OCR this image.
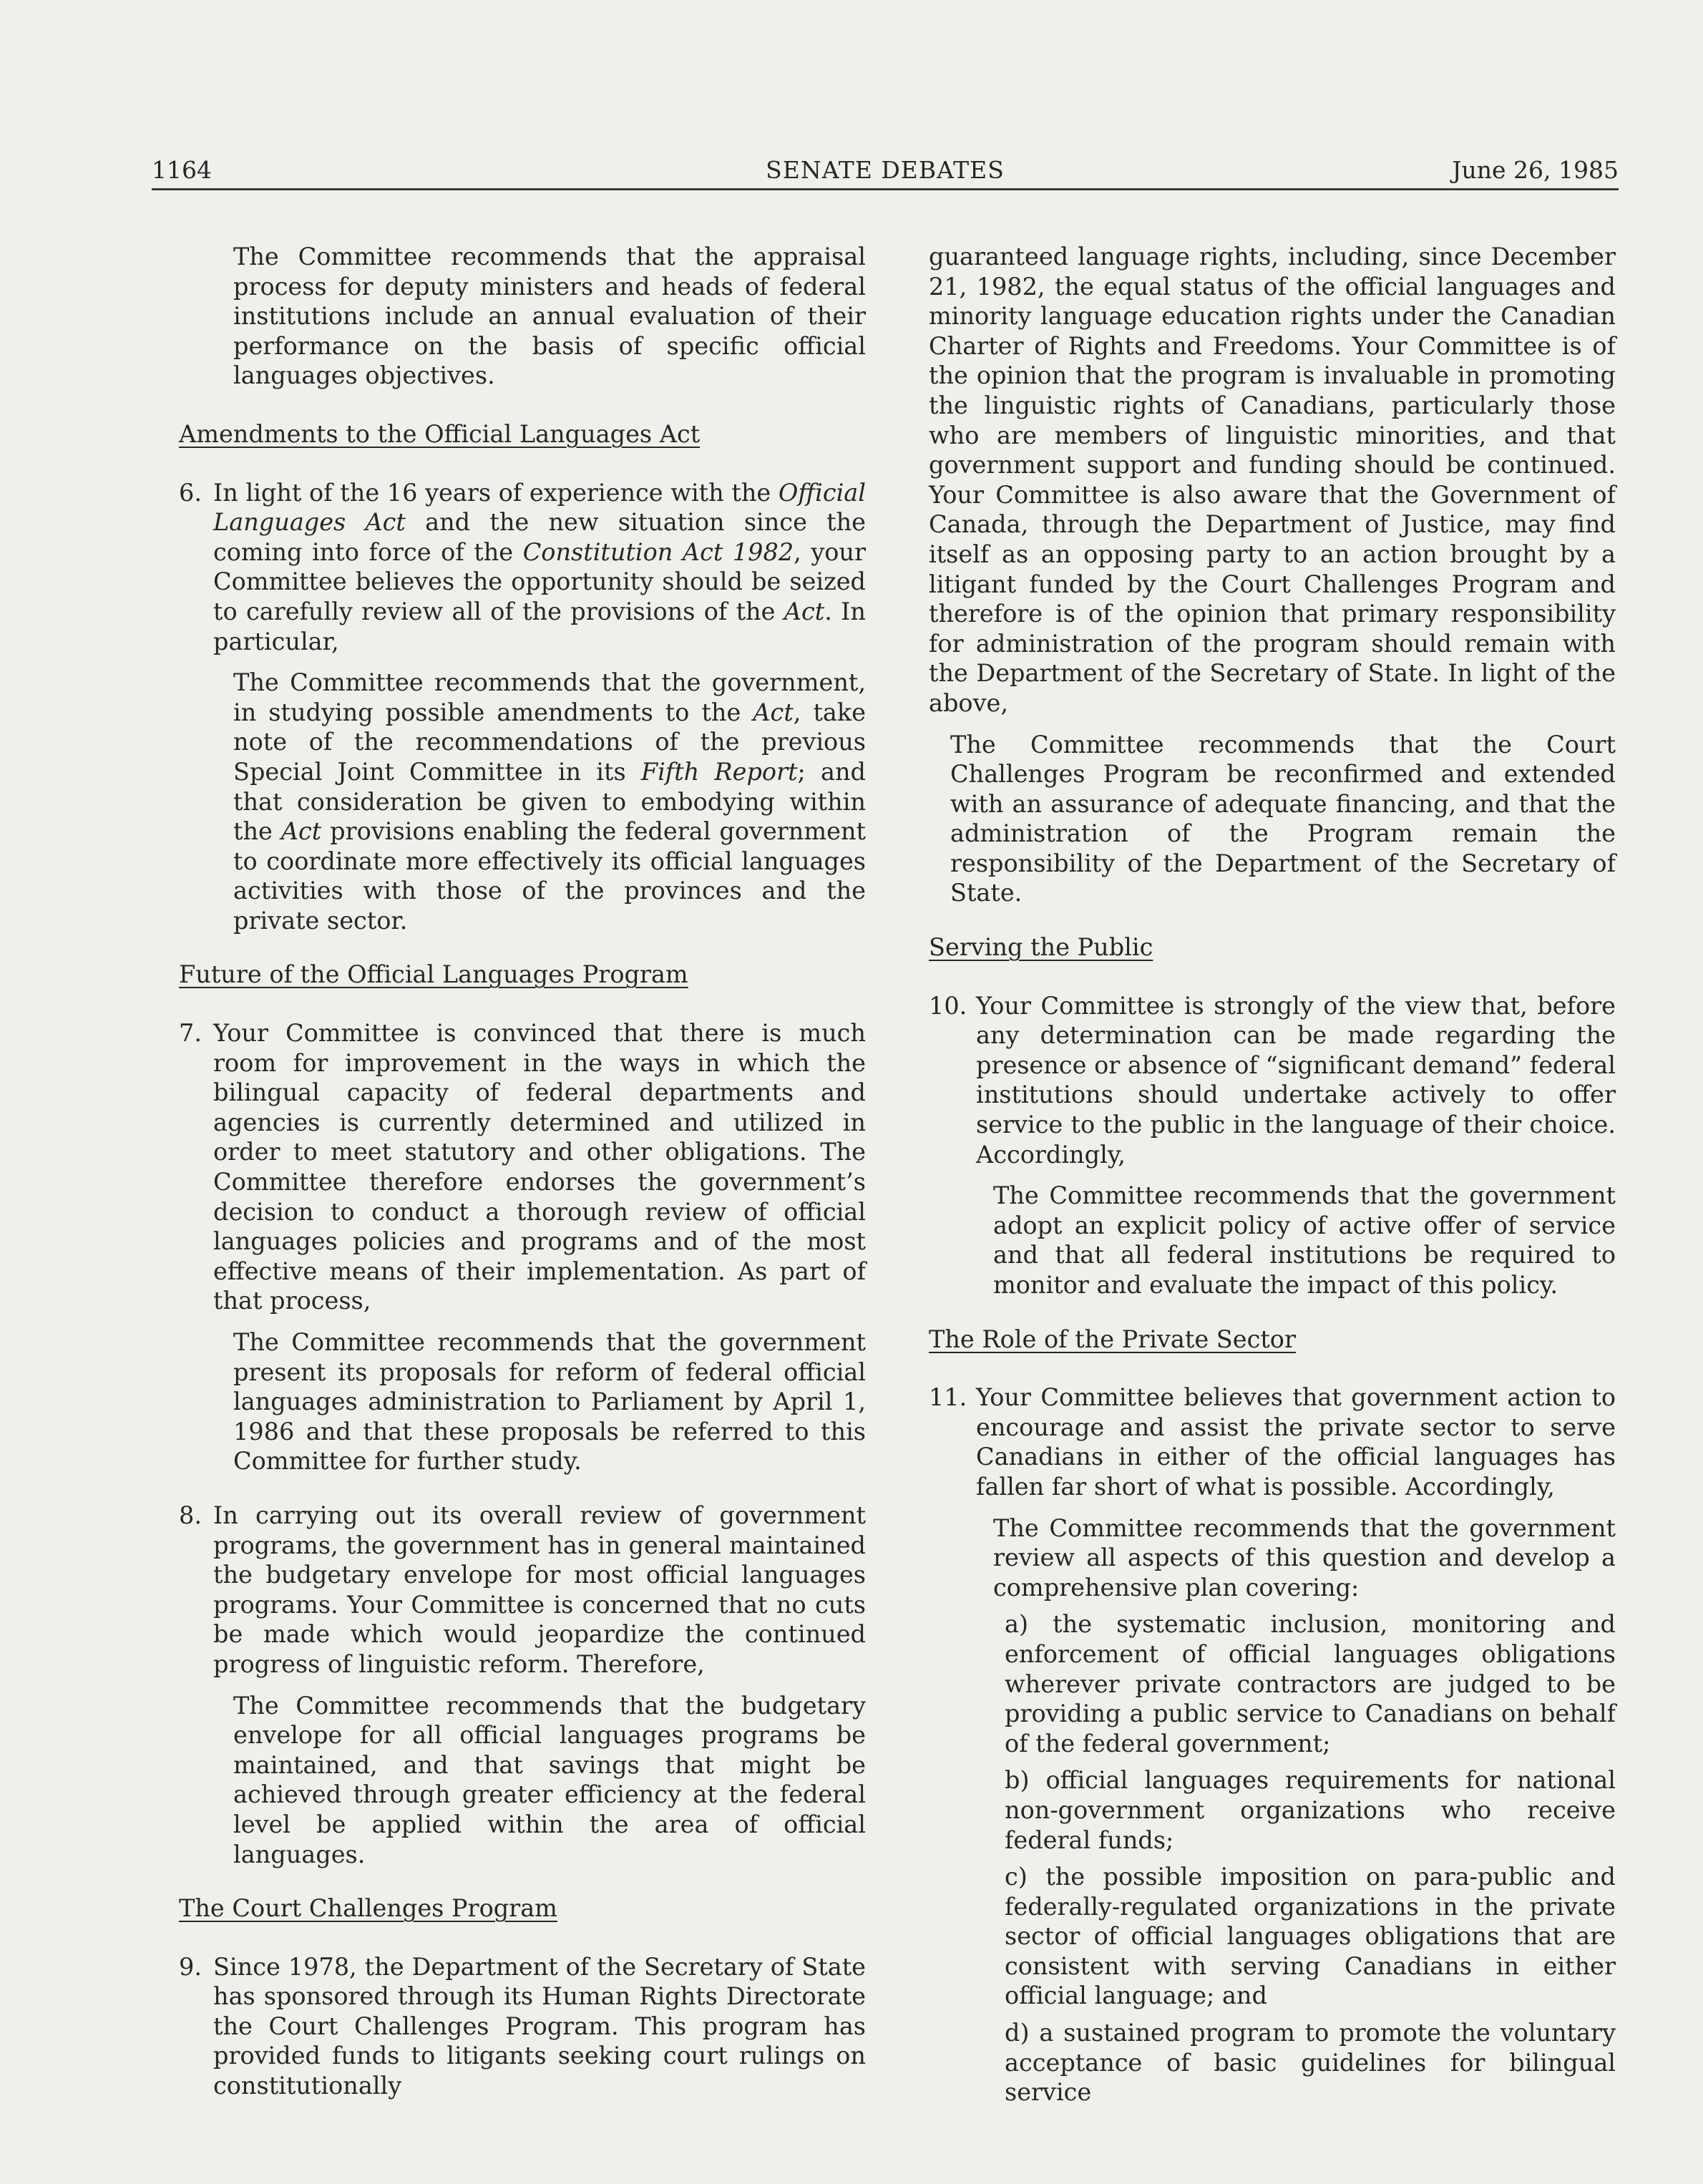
1164	SENATE DEBATES	June 26, 1985

The Committee recommends that the appraisal process for deputy ministers and heads of federal institutions include an annual evaluation of their performance on the basis of specific official languages objectives.

Amendments to the Official Languages Act

6. In light of the 16 years of experience with the Official Languages Act and the new situation since the coming into force of the Constitution Act 1982, your Committee believes the opportunity should be seized to carefully review all of the provisions of the Act. In particular,

The Committee recommends that the government, in studying possible amendments to the Act, take note of the recommendations of the previous Special Joint Committee in its Fifth Report; and that consideration be given to embodying within the Act provisions enabling the federal government to coordinate more effectively its official languages activities with those of the provinces and the private sector.

Future of the Official Languages Program

7. Your Committee is convinced that there is much room for improvement in the ways in which the bilingual capacity of federal departments and agencies is currently determined and utilized in order to meet statutory and other obligations. The Committee therefore endorses the government’s decision to conduct a thorough review of official languages policies and programs and of the most effective means of their implementation. As part of that process,

The Committee recommends that the government present its proposals for reform of federal official languages administration to Parliament by April 1, 1986 and that these proposals be referred to this Committee for further study.

8. In carrying out its overall review of government programs, the government has in general maintained the budgetary envelope for most official languages programs. Your Committee is concerned that no cuts be made which would jeopardize the continued progress of linguistic reform. Therefore,

The Committee recommends that the budgetary envelope for all official languages programs be maintained, and that savings that might be achieved through greater efficiency at the federal level be applied within the area of official languages.

The Court Challenges Program

9. Since 1978, the Department of the Secretary of State has sponsored through its Human Rights Directorate the Court Challenges Program. This program has provided funds to litigants seeking court rulings on constitutionally

guaranteed language rights, including, since December 21, 1982, the equal status of the official languages and minority language education rights under the Canadian Charter of Rights and Freedoms. Your Committee is of the opinion that the program is invaluable in promoting the linguistic rights of Canadians, particularly those who are members of linguistic minorities, and that government support and funding should be continued. Your Committee is also aware that the Government of Canada, through the Department of Justice, may find itself as an opposing party to an action brought by a litigant funded by the Court Challenges Program and therefore is of the opinion that primary responsibility for administration of the program should remain with the Department of the Secretary of State. In light of the above,

The Committee recommends that the Court Challenges Program be reconfirmed and extended with an assurance of adequate financing, and that the administration of the Program remain the responsibility of the Department of the Secretary of State.

Serving the Public

10. Your Committee is strongly of the view that, before any determination can be made regarding the presence or absence of “significant demand” federal institutions should undertake actively to offer service to the public in the language of their choice. Accordingly,

The Committee recommends that the government adopt an explicit policy of active offer of service and that all federal institutions be required to monitor and evaluate the impact of this policy.

The Role of the Private Sector

11. Your Committee believes that government action to encourage and assist the private sector to serve Canadians in either of the official languages has fallen far short of what is possible. Accordingly,

The Committee recommends that the government review all aspects of this question and develop a comprehensive plan covering:

a) the systematic inclusion, monitoring and enforcement of official languages obligations wherever private contractors are judged to be providing a public service to Canadians on behalf of the federal government;

b) official languages requirements for national non-government organizations who receive federal funds;

c) the possible imposition on para-public and federally-regulated organizations in the private sector of official languages obligations that are consistent with serving Canadians in either official language; and

d) a sustained program to promote the voluntary acceptance of basic guidelines for bilingual service
